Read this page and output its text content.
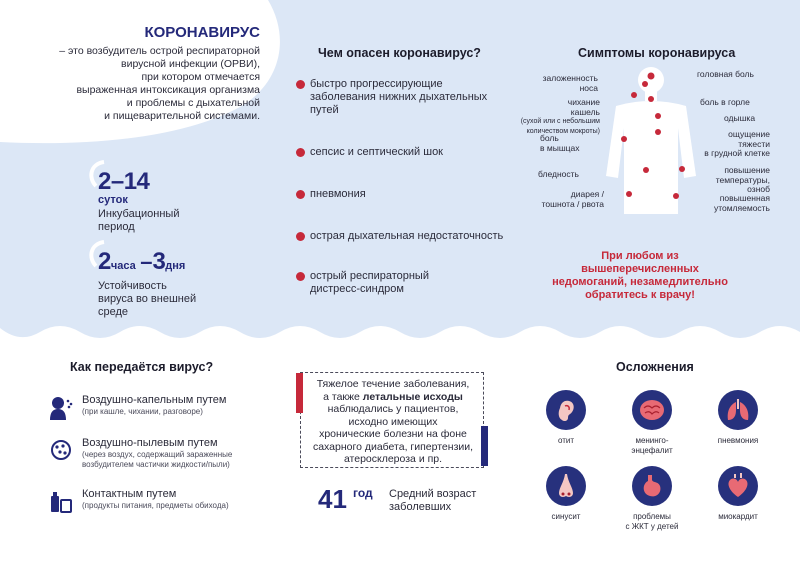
КОРОНАВИРУС
– это возбудитель острой респираторной
вирусной инфекции (ОРВИ),
при котором отмечается
выраженная интоксикация организма
и проблемы с дыхательной
и пищеварительной системами.
2–14
суток
Инкубационный
период
2часа –3дня
Устойчивость
вируса во внешней
среде
Чем опасен коронавирус?
быстро прогрессирующие
заболевания нижних дыхательных
путей
сепсис и септический шок
пневмония
острая дыхательная недостаточность
острый респираторный
дистресс-синдром
Симптомы коронавируса
заложенность
носа
чихание
кашель
(сухой или с небольшим
количеством мокроты)
боль
в мышцах
бледность
диарея /
тошнота / рвота
головная боль
боль в горле
одышка
ощущение
тяжести
в грудной клетке
повышение
температуры,
озноб
повышенная
утомляемость
При любом из
вышеперечисленных
недомоганий, незамедлительно
обратитесь к врачу!
Как передаётся вирус?
Воздушно-капельным путем
(при кашле, чихании, разговоре)
Воздушно-пылевым путем
(через воздух, содержащий зараженные
возбудителем частички жидкости/пыли)
Контактным путем
(продукты питания, предметы обихода)
Тяжелое течение заболевания,
а также летальные исходы
наблюдались у пациентов,
исходно имеющих
хронические болезни на фоне
сахарного диабета, гипертензии,
атеросклероза и пр.
41 год Средний возраст
заболевших
Осложнения
отит	менинго-
энцефалит
пневмония
синусит	проблемы
с ЖКТ у детей
миокардит
